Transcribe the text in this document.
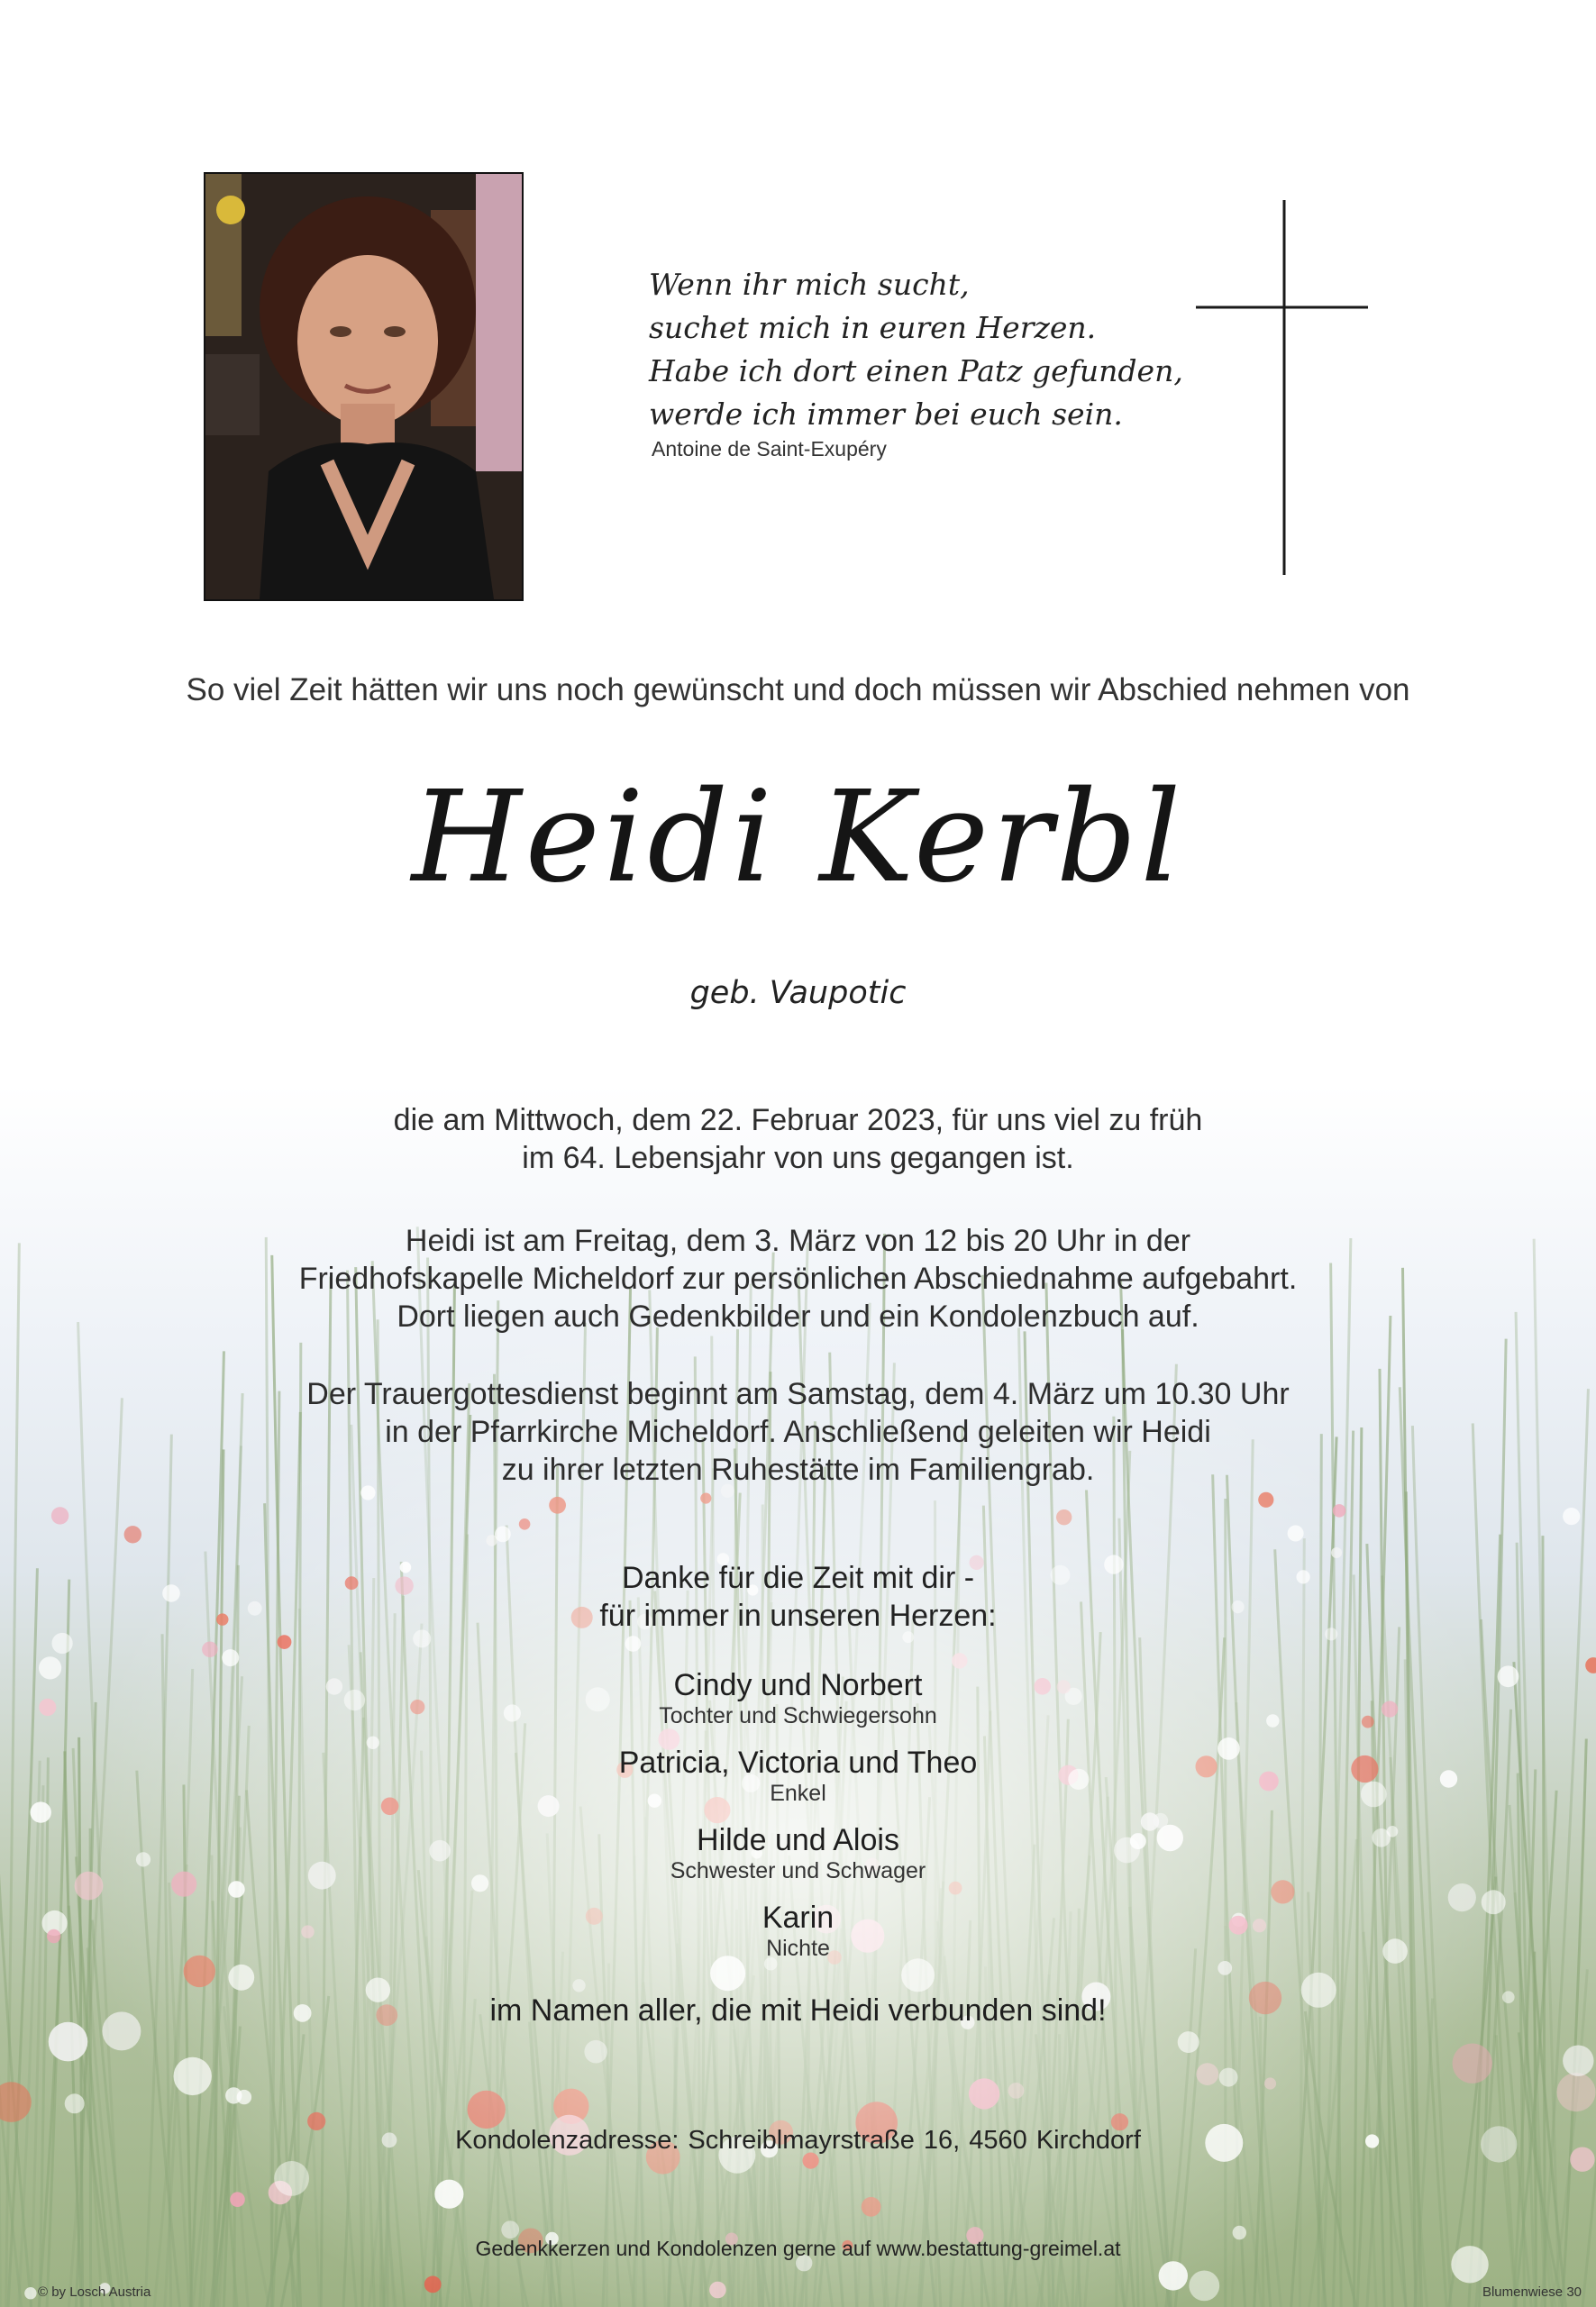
Wenn ihr mich sucht,
suchet mich in euren Herzen.
Habe ich dort einen Patz gefunden,
werde ich immer bei euch sein.
Antoine de Saint-Exupéry
So viel Zeit hätten wir uns noch gewünscht und doch müssen wir Abschied nehmen von
Heidi Kerbl
geb. Vaupotic
die am Mittwoch, dem 22. Februar 2023, für uns viel zu früh
im 64. Lebensjahr von uns gegangen ist.
Heidi ist am Freitag, dem 3. März von 12 bis 20 Uhr in der
Friedhofskapelle Micheldorf zur persönlichen Abschiednahme aufgebahrt.
Dort liegen auch Gedenkbilder und ein Kondolenzbuch auf.
Der Trauergottesdienst beginnt am Samstag, dem 4. März um 10.30 Uhr
in der Pfarrkirche Micheldorf. Anschließend geleiten wir Heidi
zu ihrer letzten Ruhestätte im Familiengrab.
Danke für die Zeit mit dir -
für immer in unseren Herzen:
Cindy und Norbert
Tochter und Schwiegersohn
Patricia, Victoria und Theo
Enkel
Hilde und Alois
Schwester und Schwager
Karin
Nichte
im Namen aller, die mit Heidi verbunden sind!
Kondolenzadresse: Schreiblmayrstraße 16, 4560 Kirchdorf
Gedenkkerzen und Kondolenzen gerne auf www.bestattung-greimel.at
© by Losch Austria	Blumenwiese 30
